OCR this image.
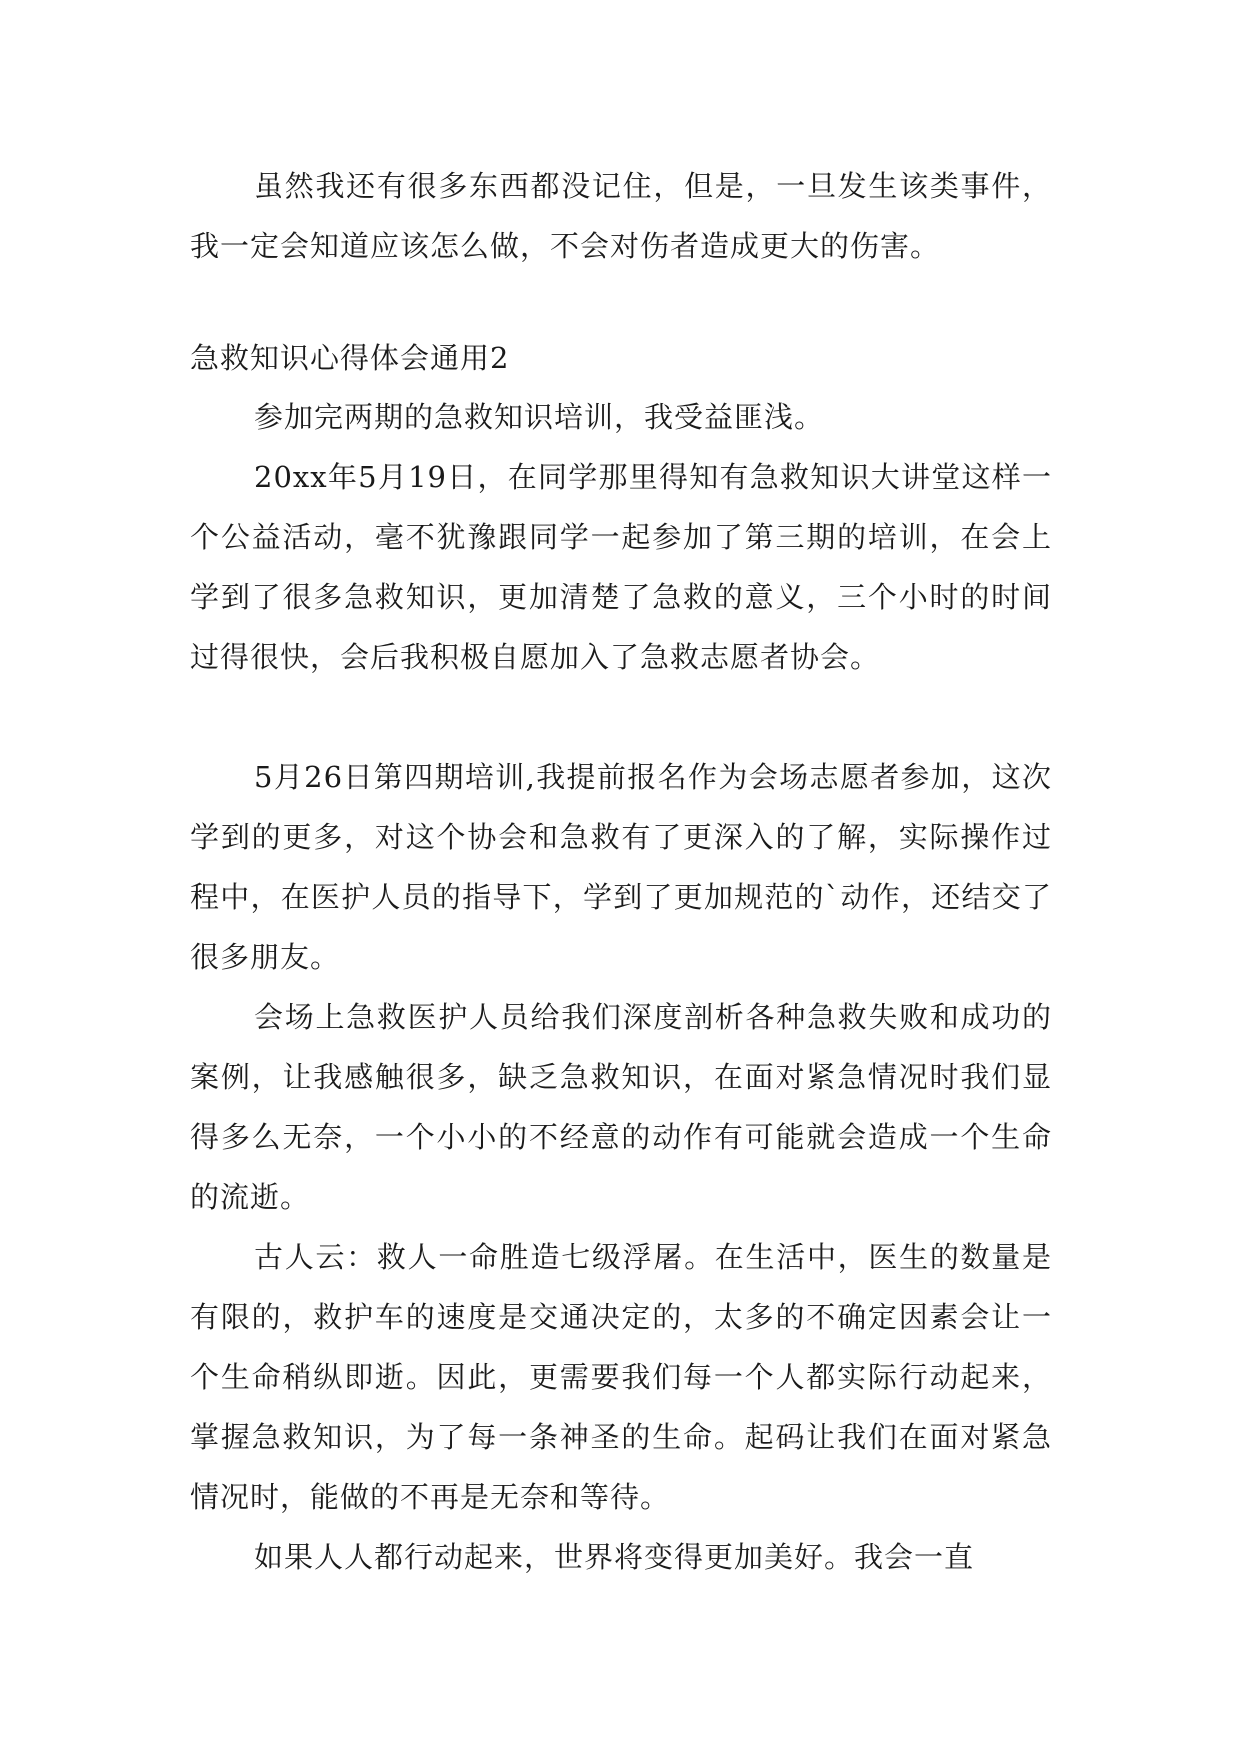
虽然我还有很多东西都没记住，但是，一旦发生该类事件，我一定会知道应该怎么做，不会对伤者造成更大的伤害。

急救知识心得体会通用2

参加完两期的急救知识培训，我受益匪浅。

20xx年5月19日，在同学那里得知有急救知识大讲堂这样一个公益活动，毫不犹豫跟同学一起参加了第三期的培训，在会上学到了很多急救知识，更加清楚了急救的意义，三个小时的时间过得很快，会后我积极自愿加入了急救志愿者协会。

5月26日第四期培训,我提前报名作为会场志愿者参加，这次学到的更多，对这个协会和急救有了更深入的了解，实际操作过程中，在医护人员的指导下，学到了更加规范的`动作，还结交了很多朋友。

会场上急救医护人员给我们深度剖析各种急救失败和成功的案例，让我感触很多，缺乏急救知识，在面对紧急情况时我们显得多么无奈，一个小小的不经意的动作有可能就会造成一个生命的流逝。

古人云：救人一命胜造七级浮屠。在生活中，医生的数量是有限的，救护车的速度是交通决定的，太多的不确定因素会让一个生命稍纵即逝。因此，更需要我们每一个人都实际行动起来，掌握急救知识，为了每一条神圣的生命。起码让我们在面对紧急情况时，能做的不再是无奈和等待。

如果人人都行动起来，世界将变得更加美好。我会一直
